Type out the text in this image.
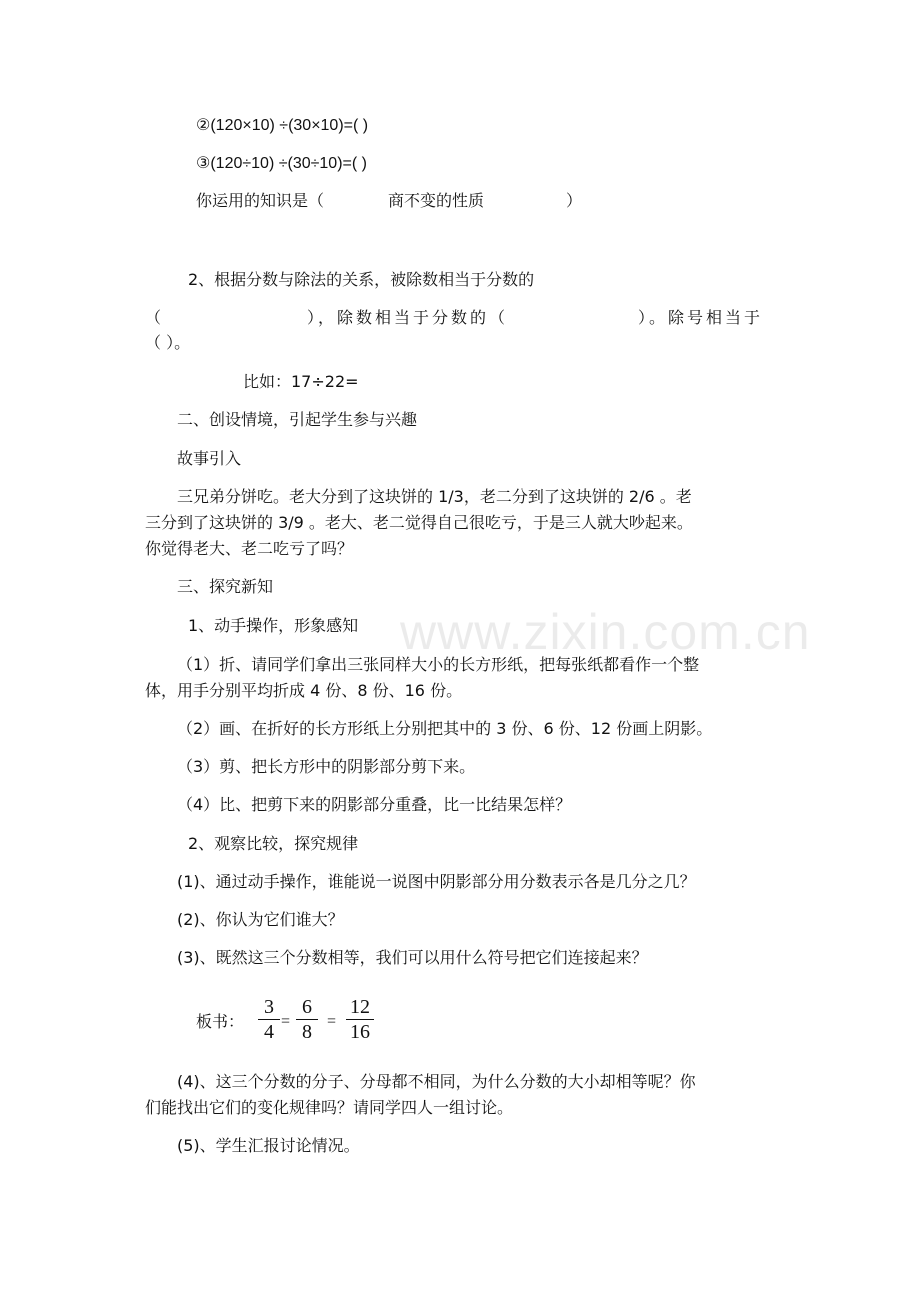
www.zixin.com.cn
②(120×10) ÷(30×10)=( )
③(120÷10) ÷(30÷10)=( )
你运用的知识是（	商不变的性质	）
2、根据分数与除法的关系，被除数相当于分数的
（	），除数相当于分数的（	）。除号相当于
（ ）。
比如：17÷22=
二、创设情境，引起学生参与兴趣
故事引入
三兄弟分饼吃。老大分到了这块饼的 1/3，老二分到了这块饼的 2/6 。老
三分到了这块饼的 3/9 。老大、老二觉得自己很吃亏，于是三人就大吵起来。
你觉得老大、老二吃亏了吗？
三、探究新知
1、动手操作，形象感知
（1）折、请同学们拿出三张同样大小的长方形纸，把每张纸都看作一个整
体，用手分别平均折成 4 份、8 份、16 份。
（2）画、在折好的长方形纸上分别把其中的 3 份、6 份、12 份画上阴影。
（3）剪、把长方形中的阴影部分剪下来。
（4）比、把剪下来的阴影部分重叠，比一比结果怎样？
2、观察比较，探究规律
(1)、通过动手操作，谁能说一说图中阴影部分用分数表示各是几分之几？
(2)、你认为它们谁大？
(3)、既然这三个分数相等，我们可以用什么符号把它们连接起来？
板书：
3
4 =
6
8 =
12
16
(4)、这三个分数的分子、分母都不相同，为什么分数的大小却相等呢？你
们能找出它们的变化规律吗？请同学四人一组讨论。
(5)、学生汇报讨论情况。
